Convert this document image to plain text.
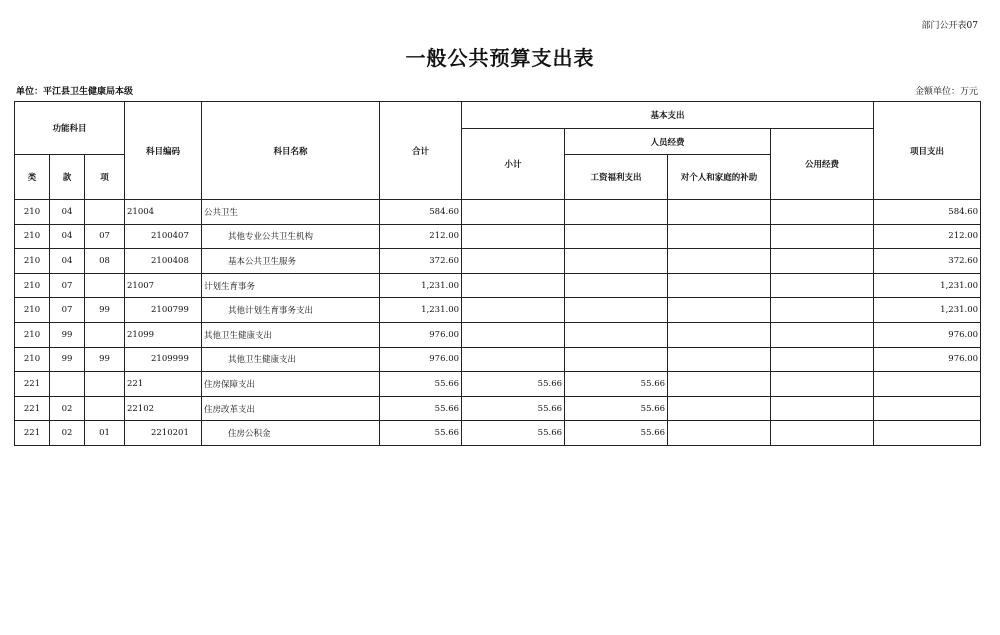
部门公开表07
一般公共预算支出表
单位：平江县卫生健康局本级	金额单位：万元
功能科目			科目编码	科目名称	合计	基本支出				项目支出
						小计	人员经费		公用经费	
类	款	项					工资福利支出	对个人和家庭的补助		
210	04		21004	公共卫生	584.60					584.60
210	04	07	2100407	其他专业公共卫生机构	212.00					212.00
210	04	08	2100408	基本公共卫生服务	372.60					372.60
210	07		21007	计划生育事务	1,231.00					1,231.00
210	07	99	2100799	其他计划生育事务支出	1,231.00					1,231.00
210	99		21099	其他卫生健康支出	976.00					976.00
210	99	99	2109999	其他卫生健康支出	976.00					976.00
221			221	住房保障支出	55.66	55.66	55.66			
221	02		22102	住房改革支出	55.66	55.66	55.66			
221	02	01	2210201	住房公积金	55.66	55.66	55.66			
